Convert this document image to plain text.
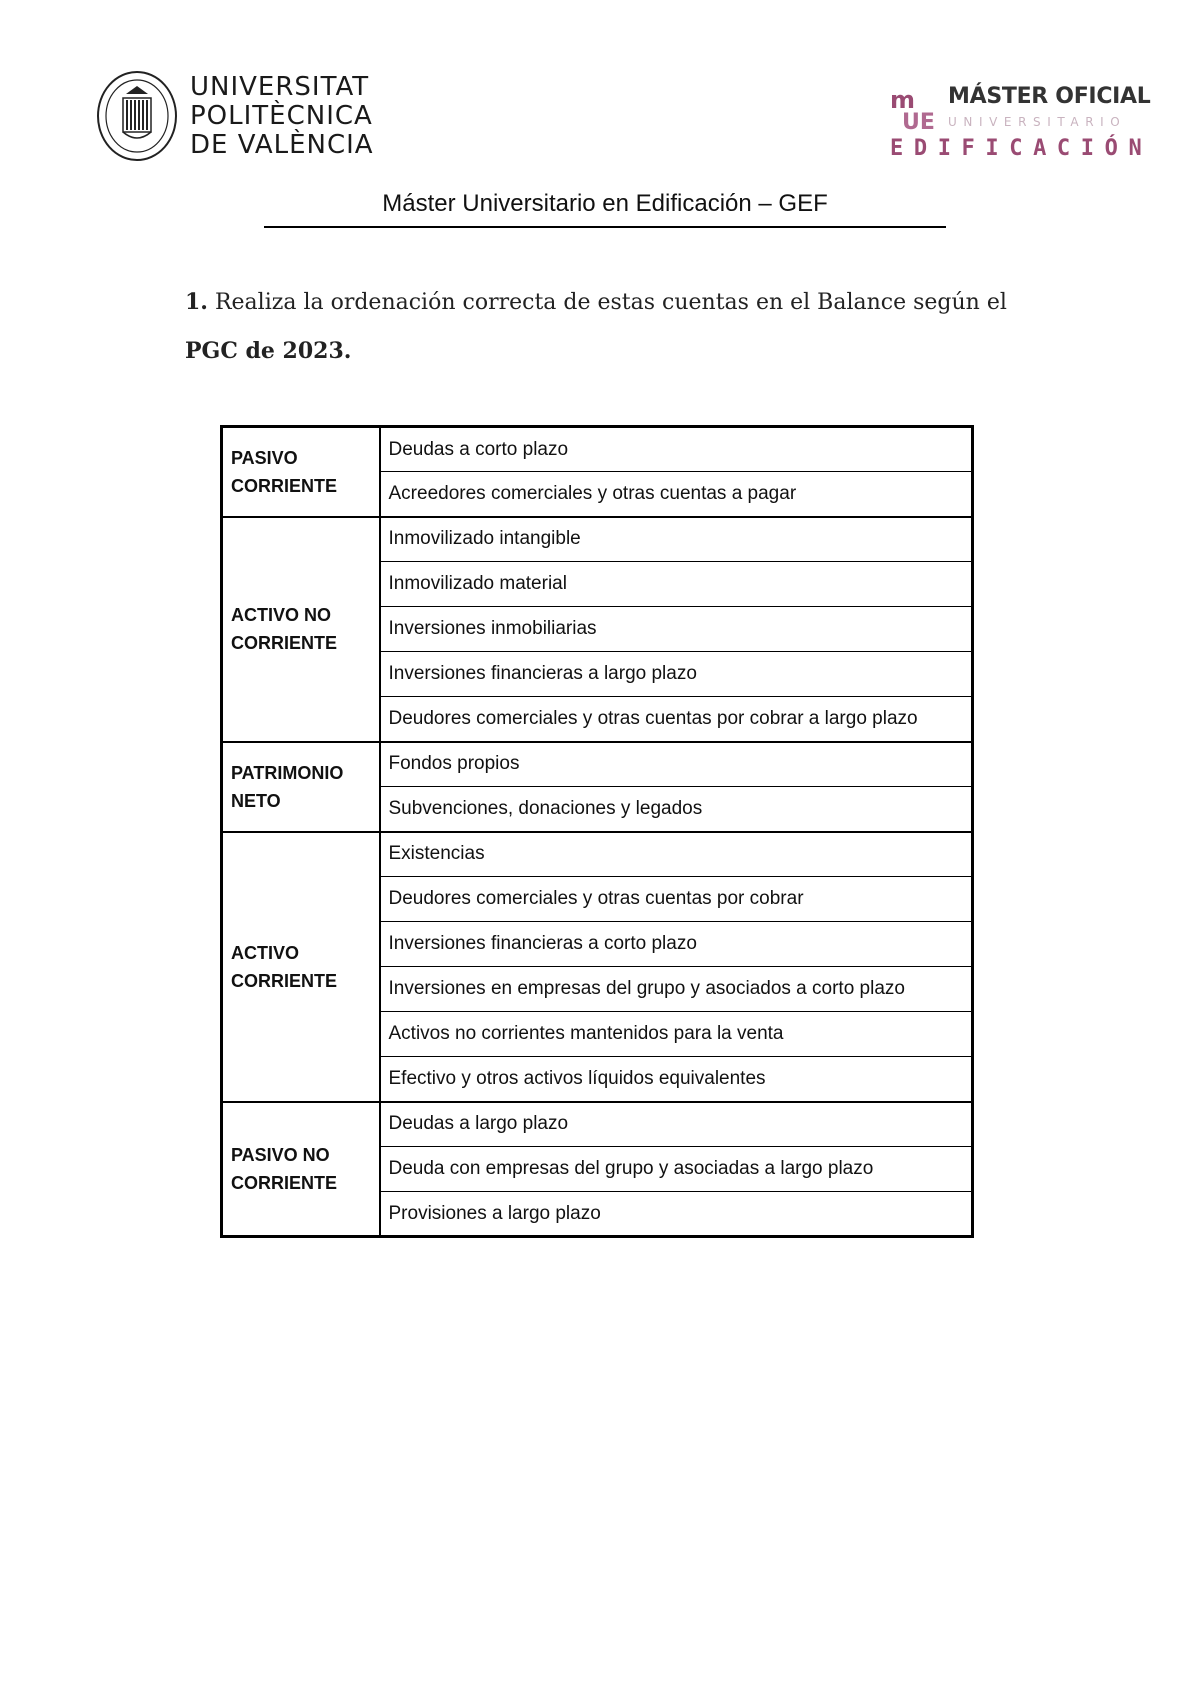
UNIVERSITAT
POLITÈCNICA
DE VALÈNCIA
m
UE
MÁSTER OFICIAL
UNIVERSITARIO
EDIFICACIÓN
Máster Universitario en Edificación – GEF
1. Realiza la ordenación correcta de estas cuentas en el Balance según el
PGC de 2023.
PASIVO CORRIENTE	Deudas a corto plazo
	Acreedores comerciales y otras cuentas a pagar

ACTIVO NO CORRIENTE	Inmovilizado intangible
	Inmovilizado material
	Inversiones inmobiliarias
	Inversiones financieras a largo plazo
	Deudores comerciales y otras cuentas por cobrar a largo plazo

PATRIMONIO NETO	Fondos propios
	Subvenciones, donaciones y legados

ACTIVO CORRIENTE	Existencias
	Deudores comerciales y otras cuentas por cobrar
	Inversiones financieras a corto plazo
	Inversiones en empresas del grupo y asociados a corto plazo
	Activos no corrientes mantenidos para la venta
	Efectivo y otros activos líquidos equivalentes

PASIVO NO CORRIENTE	Deudas a largo plazo
	Deuda con empresas del grupo y asociadas a largo plazo
	Provisiones a largo plazo
